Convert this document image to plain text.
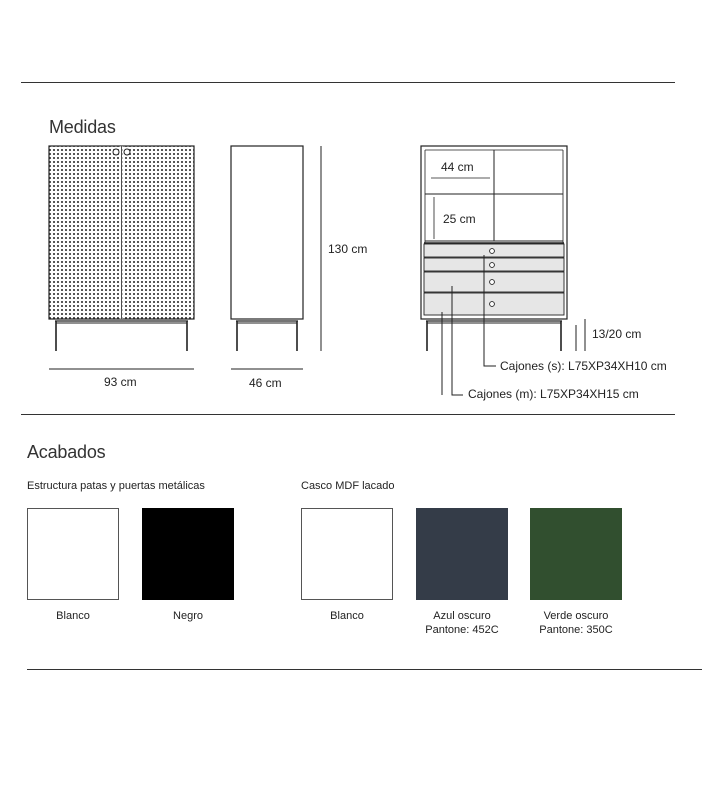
Medidas
93 cm	46 cm
130 cm
44 cm
25 cm
13/20 cm
Cajones (s): L75XP34XH10 cm
Cajones (m): L75XP34XH15 cm
Acabados
Estructura patas y puertas metálicas	Casco MDF lacado
Blanco	Negro	Blanco	Azul oscuro
Pantone: 452C
Verde oscuro
Pantone: 350C
